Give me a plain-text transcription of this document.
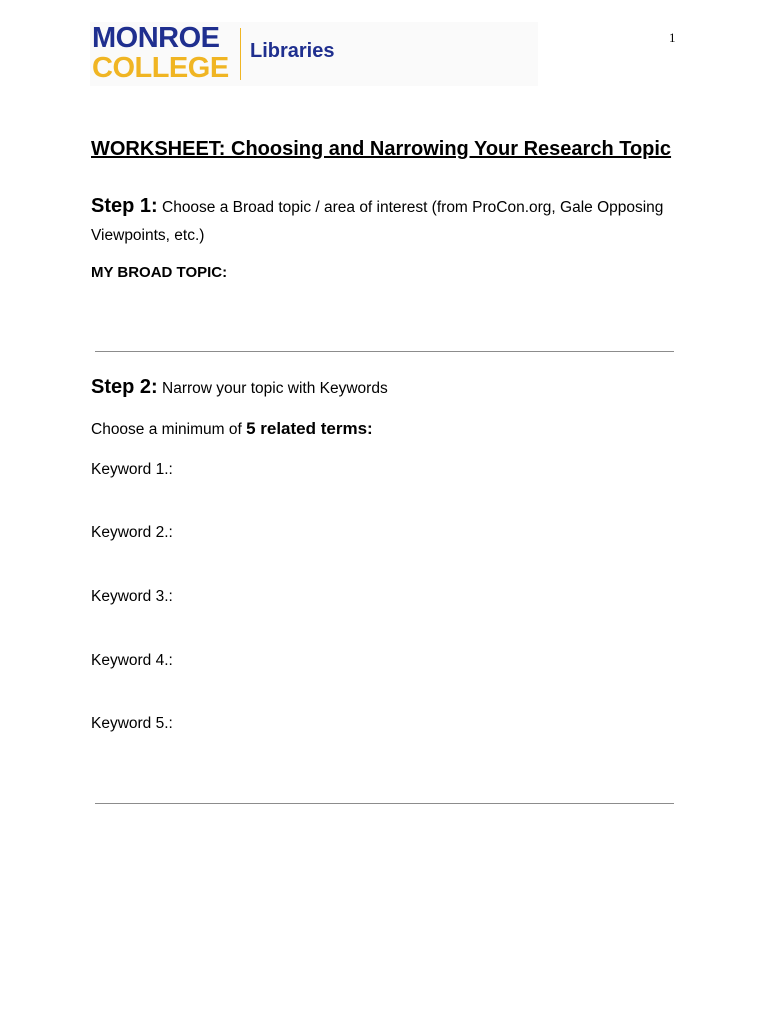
1
MONROE
COLLEGE
Libraries
WORKSHEET: Choosing and Narrowing Your Research Topic
Step 1: Choose a Broad topic / area of interest (from ProCon.org, Gale Opposing Viewpoints, etc.)
MY BROAD TOPIC:
Step 2: Narrow your topic with Keywords
Choose a minimum of 5 related terms:
Keyword 1.:
Keyword 2.:
Keyword 3.:
Keyword 4.:
Keyword 5.:
